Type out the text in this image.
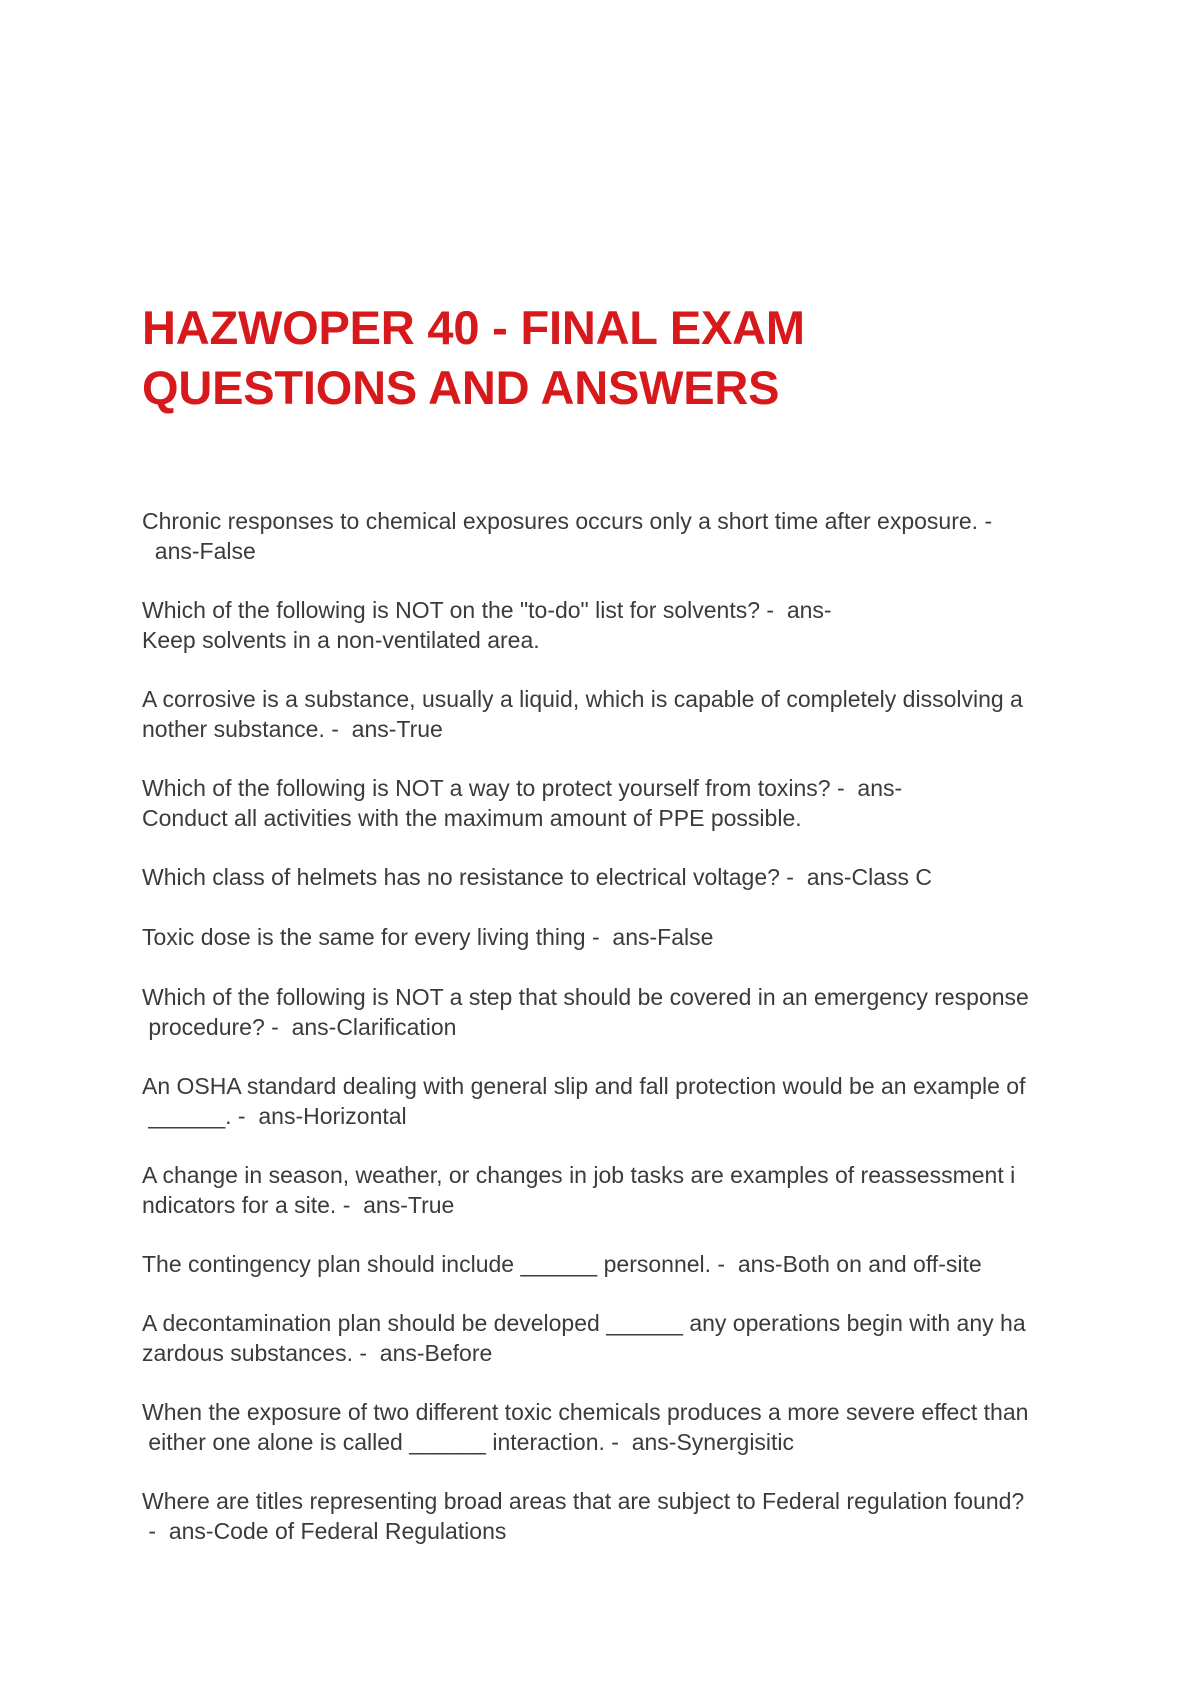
HAZWOPER 40 - FINAL EXAM
QUESTIONS AND ANSWERS
Chronic responses to chemical exposures occurs only a short time after exposure. -
ans-False
Which of the following is NOT on the "to-do" list for solvents? -  ans-
Keep solvents in a non-ventilated area.
A corrosive is a substance, usually a liquid, which is capable of completely dissolving a
nother substance. -  ans-True
Which of the following is NOT a way to protect yourself from toxins? -  ans-
Conduct all activities with the maximum amount of PPE possible.
Which class of helmets has no resistance to electrical voltage? -  ans-Class C
Toxic dose is the same for every living thing -  ans-False
Which of the following is NOT a step that should be covered in an emergency response
procedure? -  ans-Clarification
An OSHA standard dealing with general slip and fall protection would be an example of
______. -  ans-Horizontal
A change in season, weather, or changes in job tasks are examples of reassessment i
ndicators for a site. -  ans-True
The contingency plan should include ______ personnel. -  ans-Both on and off-site
A decontamination plan should be developed ______ any operations begin with any ha
zardous substances. -  ans-Before
When the exposure of two different toxic chemicals produces a more severe effect than
either one alone is called ______ interaction. -  ans-Synergisitic
Where are titles representing broad areas that are subject to Federal regulation found?
-  ans-Code of Federal Regulations
